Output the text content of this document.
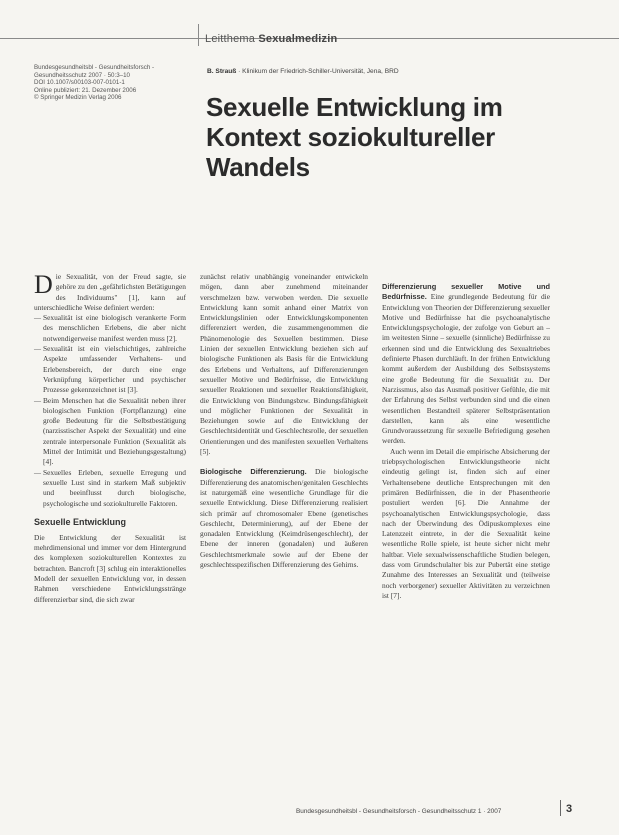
Leitthema Sexualmedizin
Bundesgesundheitsbl - Gesundheitsforsch -
Gesundheitsschutz 2007 · 50:3–10
DOI 10.1007/s00103-007-0101-1
Online publiziert: 21. Dezember 2006
© Springer Medizin Verlag 2006
B. Strauß · Klinikum der Friedrich-Schiller-Universität, Jena, BRD
Sexuelle Entwicklung im Kontext soziokultureller Wandels

Die Sexualität, von der Freud sagte, sie gehöre zu den „gefährlichsten Betätigungen des Individuums" [1], kann auf unterschiedliche Weise definiert werden:

— Sexualität ist eine biologisch verankerte Form des menschlichen Erlebens, die aber nicht notwendigerweise manifest werden muss [2].

— Sexualität ist ein vielschichtiges, zahlreiche Aspekte umfassender Verhaltens- und Erlebensbereich, der durch eine enge Verknüpfung körperlicher und psychischer Prozesse gekennzeichnet ist [3].

— Beim Menschen hat die Sexualität neben ihrer biologischen Funktion (Fortpflanzung) eine große Bedeutung für die Selbstbestätigung (narzisstischer Aspekt der Sexualität) und eine zentrale interpersonale Funktion (Sexualität als Mittel der Intimität und Beziehungsgestaltung) [4].

— Sexuelles Erleben, sexuelle Erregung und sexuelle Lust sind in starkem Maß subjektiv und beeinflusst durch biologische, psychologische und soziokulturelle Faktoren.

Sexuelle Entwicklung

Die Entwicklung der Sexualität ist mehrdimensional und immer vor dem Hintergrund des komplexen soziokulturellen Kontextes zu betrachten. Bancroft [3] schlug ein interaktionelles Modell der sexuellen Entwicklung vor, in dessen Rahmen verschiedene Entwicklungsstränge differenzierbar sind, die sich zwar

zunächst relativ unabhängig voneinander entwickeln mögen, dann aber zunehmend miteinander verschmelzen bzw. verwoben werden. Die sexuelle Entwicklung kann somit anhand einer Matrix von Entwicklungslinien oder Entwicklungskomponenten differenziert werden, die zusammengenommen die Phänomenologie des Sexuellen bestimmen. Diese Linien der sexuellen Entwicklung beziehen sich auf biologische Funktionen als Basis für die Entwicklung des Erlebens und Verhaltens, auf Differenzierungen sexueller Motive und Bedürfnisse, die Entwicklung sexueller Reaktionen und sexueller Reaktionsfähigkeit, die Entwicklung von Bindungsbzw. Bindungsfähigkeit und möglicher Funktionen der Sexualität in Beziehungen sowie auf die Entwicklung der Geschlechtsidentität und Geschlechtsrolle, der sexuellen Orientierungen und des manifesten sexuellen Verhaltens [5].

Biologische Differenzierung. Die biologische Differenzierung des anatomischen/genitalen Geschlechts ist naturgemäß eine wesentliche Grundlage für die sexuelle Entwicklung. Diese Differenzierung realisiert sich primär auf chromosomaler Ebene (genetisches Geschlecht, Determinierung), auf der Ebene der gonadalen Entwicklung (Keimdrüsengeschlecht), der Ebene der inneren (gonadalen) und äußeren Geschlechtsmerkmale sowie auf der Ebene der geschlechtsspezifischen Differenzierung des Gehirns.

Differenzierung sexueller Motive und Bedürfnisse. Eine grundlegende Bedeutung für die Entwicklung von Theorien der Differenzierung sexueller Motive und Bedürfnisse hat die psychoanalytische Entwicklungspsychologie, der zufolge von Geburt an – im weitesten Sinne – sexuelle (sinnliche) Bedürfnisse zu erkennen sind und die Entwicklung des Sexualtriebes definierte Phasen durchläuft. In der frühen Entwicklung kommt außerdem der Ausbildung des Selbstsystems eine große Bedeutung für die Sexualität zu. Der Narzissmus, also das Ausmaß positiver Gefühle, die mit der Erfahrung des Selbst verbunden sind und die einen wesentlichen Bestandteil späterer Selbstpräsentation darstellen, kann als eine wesentliche Grundvoraussetzung für sexuelle Befriedigung gesehen werden.

Auch wenn im Detail die empirische Absicherung der triebpsychologischen Entwicklungstheorie nicht eindeutig gelingt ist, finden sich auf einer Verhaltensebene deutliche Entsprechungen mit den primären Bedürfnissen, die in der Phasentheorie postuliert werden [6]. Die Annahme der psychoanalytischen Entwicklungspsychologie, dass nach der Überwindung des Ödipuskomplexes eine Latenzzeit eintrete, in der die Sexualität keine wesentliche Rolle spiele, ist heute sicher nicht mehr haltbar. Viele sexualwissenschaftliche Studien belegen, dass vom Grundschulalter bis zur Pubertät eine stetige Zunahme des Interesses an Sexualität und (teilweise noch verborgener) sexueller Aktivitäten zu verzeichnen ist [7].

Bundesgesundheitsbl - Gesundheitsforsch - Gesundheitsschutz 1 · 2007	3
